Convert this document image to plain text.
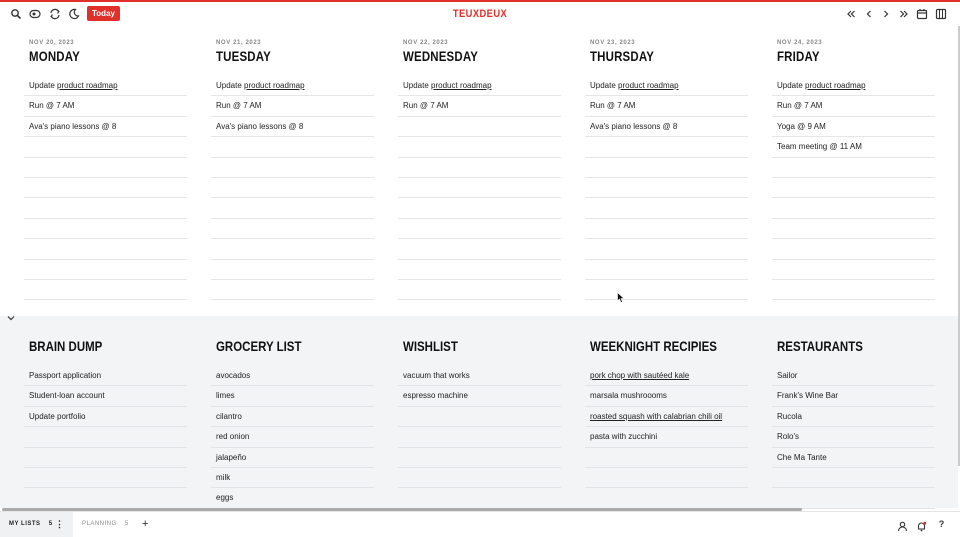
Today	TEUXDEUX
NOV 20, 2023
MONDAY
Update product roadmap
Run @ 7 AM
Ava's piano lessons @ 8
NOV 21, 2023
TUESDAY
Update product roadmap
Run @ 7 AM
Ava's piano lessons @ 8
NOV 22, 2023
WEDNESDAY
Update product roadmap
Run @ 7 AM
NOV 23, 2023
THURSDAY
Update product roadmap
Run @ 7 AM
Ava's piano lessons @ 8
NOV 24, 2023
FRIDAY
Update product roadmap
Run @ 7 AM
Yoga @ 9 AM
Team meeting @ 11 AM
BRAIN DUMP
Passport application
Student-loan account
Update portfolio
GROCERY LIST
avocados
limes
cilantro
red onion
jalapeño
milk
eggs
WISHLIST
vacuum that works
espresso machine
WEEKNIGHT RECIPIES
pork chop with sautéed kale
marsala mushroooms
roasted squash with calabrian chili oil
pasta with zucchini
RESTAURANTS
Sailor
Frank's Wine Bar
Rucola
Rolo's
Che Ma Tante
MY LISTS 5 ⋮	PLANNING 5 +	?
